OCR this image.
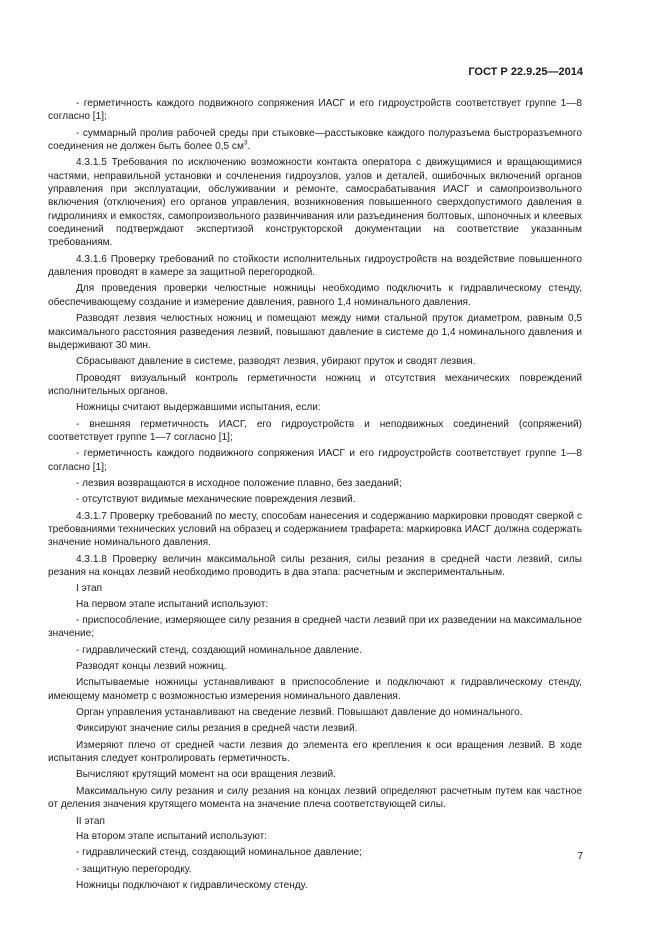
ГОСТ Р 22.9.25—2014

- герметичность каждого подвижного сопряжения ИАСГ и его гидроустройств соответствует группе 1—8 согласно [1];

- суммарный пролив рабочей среды при стыковке—расстыковке каждого полуразъема быстроразъемного соединения не должен быть более 0,5 $см^3$.

4.3.1.5 Требования по исключению возможности контакта оператора с движущимися и вращающимися частями, неправильной установки и сочленения гидроузлов, узлов и деталей, ошибочных включений органов управления при эксплуатации, обслуживании и ремонте, самосрабатывания ИАСГ и самопроизвольного включения (отключения) его органов управления, возникновения повышенного сверхдопустимого давления в гидролиниях и емкостях, самопроизвольного развинчивания или разъединения болтовых, шпоночных и клеевых соединений подтверждают экспертизой конструкторской документации на соответствие указанным требованиям.

4.3.1.6 Проверку требований по стойкости исполнительных гидроустройств на воздействие повышенного давления проводят в камере за защитной перегородкой.

Для проведения проверки челюстные ножницы необходимо подключить к гидравлическому стенду, обеспечивающему создание и измерение давления, равного 1,4 номинального давления.

Разводят лезвия челюстных ножниц и помещают между ними стальной пруток диаметром, равным 0,5 максимального расстояния разведения лезвий, повышают давление в системе до 1,4 номинального давления и выдерживают 30 мин.

Сбрасывают давление в системе, разводят лезвия, убирают пруток и сводят лезвия.

Проводят визуальный контроль герметичности ножниц и отсутствия механических повреждений исполнительных органов.

Ножницы считают выдержавшими испытания, если:

- внешняя герметичность ИАСГ, его гидроустройств и неподвижных соединений (сопряжений) соответствует группе 1—7 согласно [1];

- герметичность каждого подвижного сопряжения ИАСГ и его гидроустройств соответствует группе 1—8 согласно [1];

- лезвия возвращаются в исходное положение плавно, без заеданий;

- отсутствуют видимые механические повреждения лезвий.

4.3.1.7 Проверку требований по месту, способам нанесения и содержанию маркировки проводят сверкой с требованиями технических условий на образец и содержанием трафарета: маркировка ИАСГ должна содержать значение номинального давления.

4.3.1.8 Проверку величин максимальной силы резания, силы резания в средней части лезвий, силы резания на концах лезвий необходимо проводить в два этапа: расчетным и экспериментальным.

I этап

На первом этапе испытаний используют:

- приспособление, измеряющее силу резания в средней части лезвий при их разведении на максимальное значение;

- гидравлический стенд, создающий номинальное давление.

Разводят концы лезвий ножниц.

Испытываемые ножницы устанавливают в приспособление и подключают к гидравлическому стенду, имеющему манометр с возможностью измерения номинального давления.

Орган управления устанавливают на сведение лезвий. Повышают давление до номинального.

Фиксируют значение силы резания в средней части лезвий.

Измеряют плечо от средней части лезвия до элемента его крепления к оси вращения лезвий. В ходе испытания следует контролировать герметичность.

Вычисляют крутящий момент на оси вращения лезвий.

Максимальную силу резания и силу резания на концах лезвий определяют расчетным путем как частное от деления значения крутящего момента на значение плеча соответствующей силы.

II этап

На втором этапе испытаний используют:

- гидравлический стенд, создающий номинальное давление;

- защитную перегородку.

Ножницы подключают к гидравлическому стенду.

7
